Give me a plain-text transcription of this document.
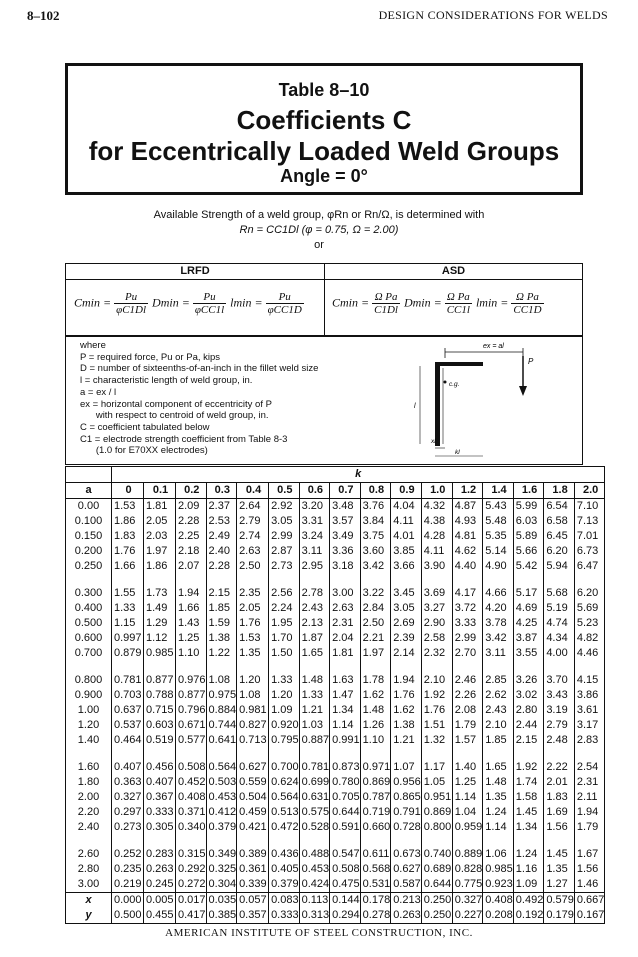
8–102	DESIGN CONSIDERATIONS FOR WELDS
Table 8–10
Coefficients C
for Eccentrically Loaded Weld Groups
Angle = 0°
Available Strength of a weld group, φRn or Rn/Ω, is determined with
Rn = CC1Dl (φ = 0.75, Ω = 2.00)
or
LRFD	ASD
$Cmin = \frac{Pu}{\varphi C1Dl}$	$Dmin = \frac{Pu}{\text{φCC1l}}$	$lmin = \frac{Pu}{\text{φCC1D}}$ $Cmin = \frac{\text{Ω Pa}}{C1Dl}$	$Dmin = \frac{\text{Ω Pa}}{CC1l}$	$lmin = \frac{\text{Ω Pa}}{CC1D}$
where
P = required force, Pu or Pa, kips
D = number of sixteenths-of-an-inch in the fillet weld size
l = characteristic length of weld group, in.
a = ex / l
ex = horizontal component of eccentricity of P
with respect to centroid of weld group, in.
C = coefficient tabulated below
C1 = electrode strength coefficient from Table 8-3
(1.0 for E70XX electrodes)
ex = al
P
c.g.
l
xl
kl
	k															
a	0	0.1	0.2	0.3	0.4	0.5	0.6	0.7	0.8	0.9	1.0	1.2	1.4	1.6	1.8	2.0
0.00	1.53	1.81	2.09	2.37	2.64	2.92	3.20	3.48	3.76	4.04	4.32	4.87	5.43	5.99	6.54	7.10
0.100	1.86	2.05	2.28	2.53	2.79	3.05	3.31	3.57	3.84	4.11	4.38	4.93	5.48	6.03	6.58	7.13
0.150	1.83	2.03	2.25	2.49	2.74	2.99	3.24	3.49	3.75	4.01	4.28	4.81	5.35	5.89	6.45	7.01
0.200	1.76	1.97	2.18	2.40	2.63	2.87	3.11	3.36	3.60	3.85	4.11	4.62	5.14	5.66	6.20	6.73
0.250	1.66	1.86	2.07	2.28	2.50	2.73	2.95	3.18	3.42	3.66	3.90	4.40	4.90	5.42	5.94	6.47

0.300	1.55	1.73	1.94	2.15	2.35	2.56	2.78	3.00	3.22	3.45	3.69	4.17	4.66	5.17	5.68	6.20
0.400	1.33	1.49	1.66	1.85	2.05	2.24	2.43	2.63	2.84	3.05	3.27	3.72	4.20	4.69	5.19	5.69
0.500	1.15	1.29	1.43	1.59	1.76	1.95	2.13	2.31	2.50	2.69	2.90	3.33	3.78	4.25	4.74	5.23
0.600	0.997	1.12	1.25	1.38	1.53	1.70	1.87	2.04	2.21	2.39	2.58	2.99	3.42	3.87	4.34	4.82
0.700	0.879	0.985	1.10	1.22	1.35	1.50	1.65	1.81	1.97	2.14	2.32	2.70	3.11	3.55	4.00	4.46

0.800	0.781	0.877	0.976	1.08	1.20	1.33	1.48	1.63	1.78	1.94	2.10	2.46	2.85	3.26	3.70	4.15
0.900	0.703	0.788	0.877	0.975	1.08	1.20	1.33	1.47	1.62	1.76	1.92	2.26	2.62	3.02	3.43	3.86
1.00	0.637	0.715	0.796	0.884	0.981	1.09	1.21	1.34	1.48	1.62	1.76	2.08	2.43	2.80	3.19	3.61
1.20	0.537	0.603	0.671	0.744	0.827	0.920	1.03	1.14	1.26	1.38	1.51	1.79	2.10	2.44	2.79	3.17
1.40	0.464	0.519	0.577	0.641	0.713	0.795	0.887	0.991	1.10	1.21	1.32	1.57	1.85	2.15	2.48	2.83

1.60	0.407	0.456	0.508	0.564	0.627	0.700	0.781	0.873	0.971	1.07	1.17	1.40	1.65	1.92	2.22	2.54
1.80	0.363	0.407	0.452	0.503	0.559	0.624	0.699	0.780	0.869	0.956	1.05	1.25	1.48	1.74	2.01	2.31
2.00	0.327	0.367	0.408	0.453	0.504	0.564	0.631	0.705	0.787	0.865	0.951	1.14	1.35	1.58	1.83	2.11
2.20	0.297	0.333	0.371	0.412	0.459	0.513	0.575	0.644	0.719	0.791	0.869	1.04	1.24	1.45	1.69	1.94
2.40	0.273	0.305	0.340	0.379	0.421	0.472	0.528	0.591	0.660	0.728	0.800	0.959	1.14	1.34	1.56	1.79

2.60	0.252	0.283	0.315	0.349	0.389	0.436	0.488	0.547	0.611	0.673	0.740	0.889	1.06	1.24	1.45	1.67
2.80	0.235	0.263	0.292	0.325	0.361	0.405	0.453	0.508	0.568	0.627	0.689	0.828	0.985	1.16	1.35	1.56
3.00	0.219	0.245	0.272	0.304	0.339	0.379	0.424	0.475	0.531	0.587	0.644	0.775	0.923	1.09	1.27	1.46
x	0.000	0.005	0.017	0.035	0.057	0.083	0.113	0.144	0.178	0.213	0.250	0.327	0.408	0.492	0.579	0.667
y	0.500	0.455	0.417	0.385	0.357	0.333	0.313	0.294	0.278	0.263	0.250	0.227	0.208	0.192	0.179	0.167
AMERICAN INSTITUTE OF STEEL CONSTRUCTION, INC.
